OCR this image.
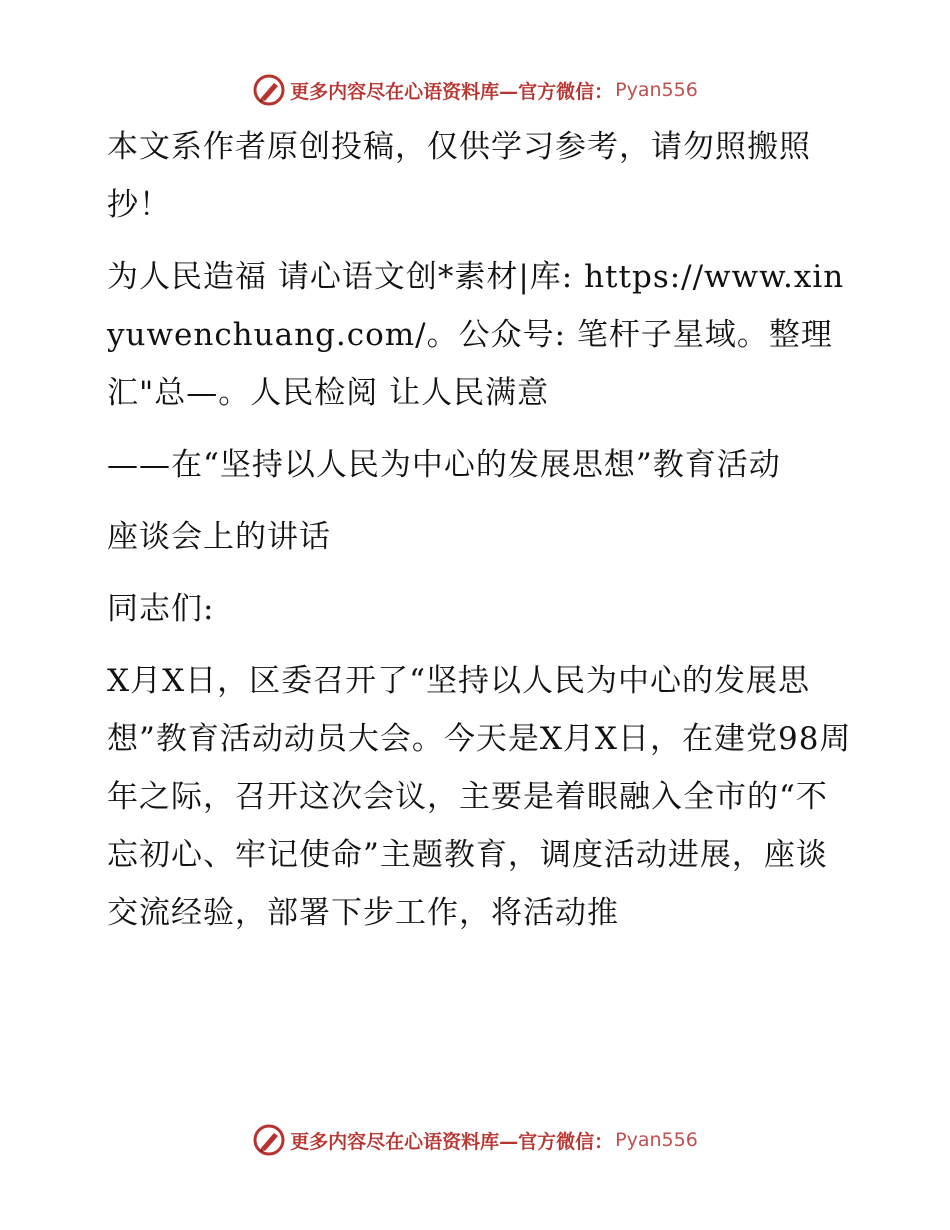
更多内容尽在心语资料库—官方微信： Pyan556

本文系作者原创投稿，仅供学习参考，请勿照搬照抄！

为人民造福 请心语文创*素材|库: https://www.xinyuwenchuang.com/。公众号: 笔杆子星域。整理汇"总—。人民检阅 让人民满意

——在“坚持以人民为中心的发展思想”教育活动

座谈会上的讲话

同志们:

X月X日，区委召开了“坚持以人民为中心的发展思想”教育活动动员大会。今天是X月X日，在建党98周年之际，召开这次会议，主要是着眼融入全市的“不忘初心、牢记使命”主题教育，调度活动进展，座谈交流经验，部署下步工作，将活动推

更多内容尽在心语资料库—官方微信： Pyan556
